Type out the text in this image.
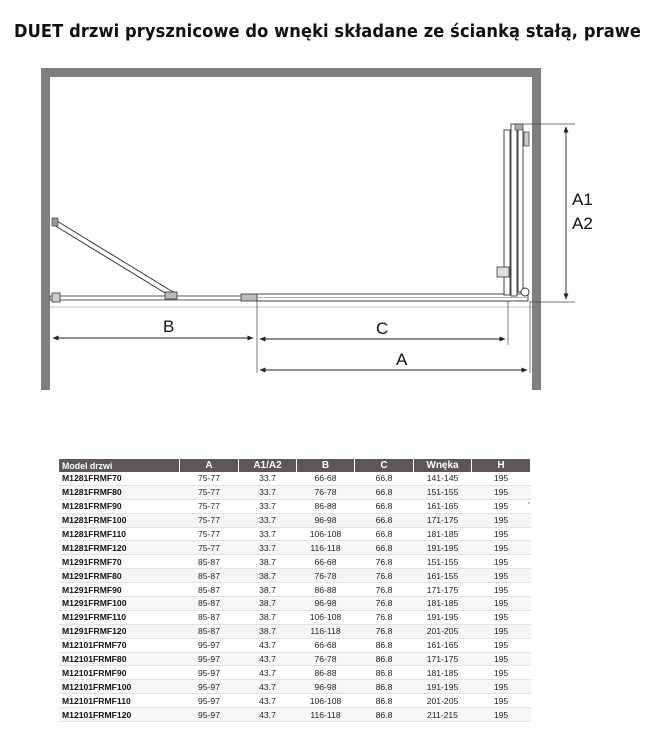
DUET drzwi prysznicowe do wnęki składane ze ścianką stałą, prawe
A1
A2
B	C
A
Model drzwi	A	A1/A2	B	C	Wnęka	H
M1281FRMF70	75-77	33.7	66-68	66.8	141-145	195
M1281FRMF80	75-77	33.7	76-78	66.8	151-155	195
M1281FRMF90	75-77	33.7	86-88	66.8	161-165	195
M1281FRMF100	75-77	33.7	96-98	66.8	171-175	195
M1281FRMF110	75-77	33.7	106-108	66.8	181-185	195
M1281FRMF120	75-77	33.7	116-118	66.8	191-195	195
M1291FRMF70	85-87	38.7	66-68	76.8	151-155	195
M1291FRMF80	85-87	38.7	76-78	76.8	161-155	195
M1291FRMF90	85-87	38.7	86-88	76.8	171-175	195
M1291FRMF100	85-87	38.7	96-98	76.8	181-185	195
M1291FRMF110	85-87	38.7	106-108	76.8	191-195	195
M1291FRMF120	85-87	38.7	116-118	76.8	201-205	195
M12101FRMF70	95-97	43.7	66-68	86.8	161-165	195
M12101FRMF80	95-97	43.7	76-78	86.8	171-175	195
M12101FRMF90	95-97	43.7	86-88	86.8	181-185	195
M12101FRMF100	95-97	43.7	96-98	86.8	191-195	195
M12101FRMF110	95-97	43.7	106-108	86.8	201-205	195
M12101FRMF120	95-97	43.7	116-118	86.8	211-215	195
